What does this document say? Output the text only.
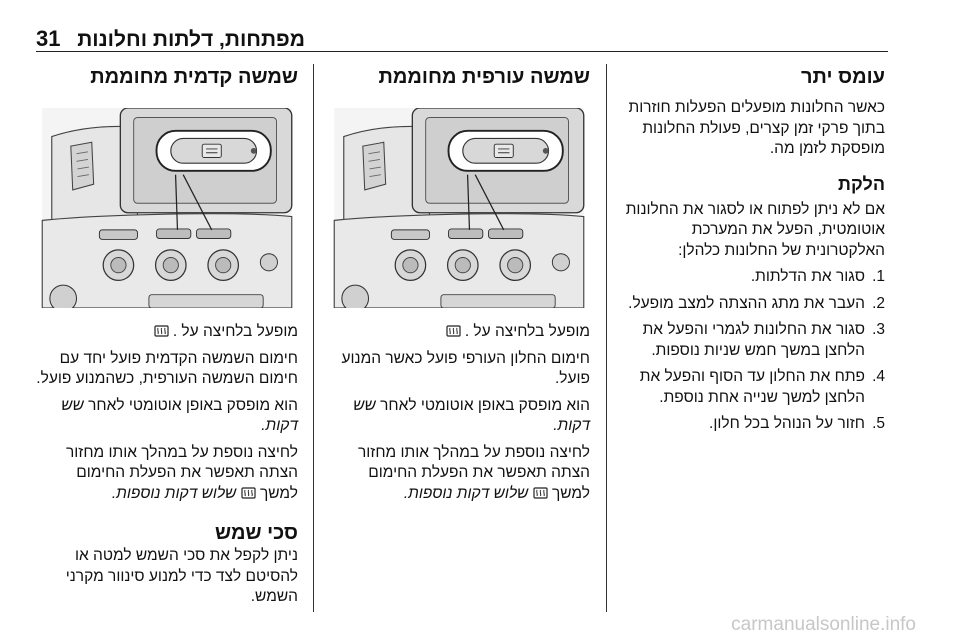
31 מפתחות, דלתות וחלונות
עומס יתר

כאשר החלונות מופעלים הפעלות חוזרות בתוך פרקי זמן קצרים, פעולת החלונות מופסקת לזמן מה.

הלקת

אם לא ניתן לפתוח או לסגור את החלונות אוטומטית, הפעל את המערכת האלקטרונית של החלונות כלהלן:

1.
סגור את הדלתות.
2.
העבר את מתג ההצתה למצב מופעל.
3.
סגור את החלונות לגמרי והפעל את הלחצן במשך חמש שניות נוספות.
4.
פתח את החלון עד הסוף והפעל את הלחצן למשך שנייה אחת נוספת.
5.
חזור על הנוהל בכל חלון.
שמשה עורפית מחוממת

מופעל בלחיצה על .

חימום החלון העורפי פועל כאשר המנוע פועל.

הוא מופסק באופן אוטומטי לאחר שש דקות.

לחיצה נוספת על במהלך אותו מחזור הצתה תאפשר את הפעלת החימום למשך  שלוש דקות נוספות.

שמשה קדמית מחוממת

מופעל בלחיצה על .

חימום השמשה הקדמית פועל יחד עם חימום השמשה העורפית, כשהמנוע פועל.

הוא מופסק באופן אוטומטי לאחר שש דקות.

לחיצה נוספת על במהלך אותו מחזור הצתה תאפשר את הפעלת החימום למשך  שלוש דקות נוספות.

סכי שמש

ניתן לקפל את סכי השמש למטה או להסיטם לצד כדי למנוע סינוור מקרני השמש.

carmanualsonline.info
